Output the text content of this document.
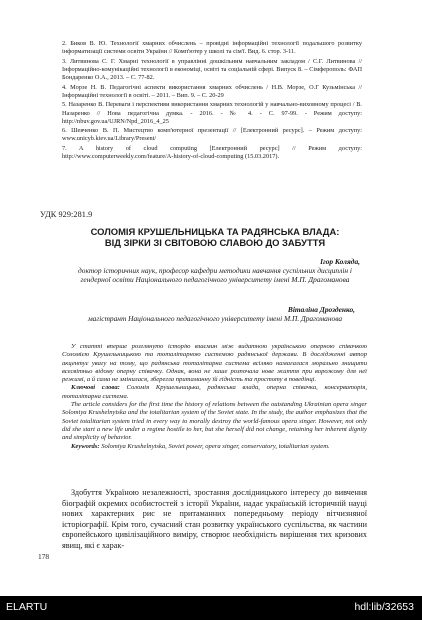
2. Биков В. Ю. Технології хмарних обчислень – провідні інформаційні технології подальшого розвитку інформатизації системи освіти України // Комп'ютер у школі та сім'ї. Вид. 6. стор. 3-11.

3. Литвинова С. Г. Хмарні технології в управлінні дошкільним навчальним закладом / С.Г. Литвинова // Інформаційно-комунікаційні технології в економіці, освіті та соціальній сфері. Випуск 8. – Сімферополь: ФАП Бондаренко О.А., 2013. – С. 77-82.

4. Морзе Н. В. Педагогічні аспекти використання хмарних обчислень / Н.В. Морзе, О.Г Кузьмінська // Інформаційні технології в освіті. – 2011. – Вип. 9. – С. 20-29

5. Назаренко В. Переваги і перспективи використання хмарних технологій у навчально-виховному процесі / В. Назаренко // Нова педагогічна думка. - 2016. - № 4. - С. 97-99. - Режим доступу: http://nbuv.gov.ua/UJRN/Npd_2016_4_25

6. Шевченко В. П. Мистецтво комп'ютерної презентації // [Електронний ресурс]. – Режим доступу: www.uniсyb.kiev.ua/Library/Present/

7. A history of cloud computing [Електронний ресурс] // Режим доступу: http://www.computerweekly.com/feature/A-history-of-cloud-computing (15.03.2017).

УДК 929:281.9
СОЛОМІЯ КРУШЕЛЬНИЦЬКА ТА РАДЯНСЬКА ВЛАДА:
ВІД ЗІРКИ ЗІ СВІТОВОЮ СЛАВОЮ ДО ЗАБУТТЯ
Ігор Коляда,
доктор історичних наук, професор кафедри методики навчання суспільних дисциплін і гендерної освіти Національного педагогічного університету імені М.П. Драгоманова
Віталіна Дрозденко,
магістрант Національного педагогічного університету імені М.П. Драгоманова

У статті вперше розглянуто історію взаємин між видатною українською оперною співачкою Соломією Крушельницькою та тоталітарною системою радянської держави. В дослідженні автор акцентує увагу на тому, що радянська тоталітарна система всіляко намагалася морально знищити всесвітньо відому оперну співачку. Однак, вона не лише розпочала нове життя при ворожому для неї режимі, а й сама не змінилася, зберегла притаманну їй гідність та простоту в поведінці.

Ключові слова: Соломія Крушельницька, радянська влада, оперна співачка, консерваторія, тоталітарна система.

The article considers for the first time the history of relations between the outstanding Ukrainian opera singer Solomiya Krushelnytska and the totalitarian system of the Soviet state. In the study, the author emphasizes that the Soviet totalitarian system tried in every way to morally destroy the world-famous opera singer. However, not only did she start a new life under a regime hostile to her, but she herself did not change, retaining her inherent dignity and simplicity of behavior.

Keywords: Solomiya Krushelnytska, Soviet power, opera singer, conservatory, totalitarian system.

Здобуття Україною незалежності, зростання дослідницького інтересу до вивчення біографій окремих особистостей з історії України, надає українській історичній науці нових характерних рис не притаманних попередньому періоду вітчизняної історіографії. Крім того, сучасний стан розвитку українського суспільства, як частини європейського цивілізаційного вимiру, створює необхідність вирішення тих кризових явищ, які є харак-

178
ELARTU	hdl:lib/32653
